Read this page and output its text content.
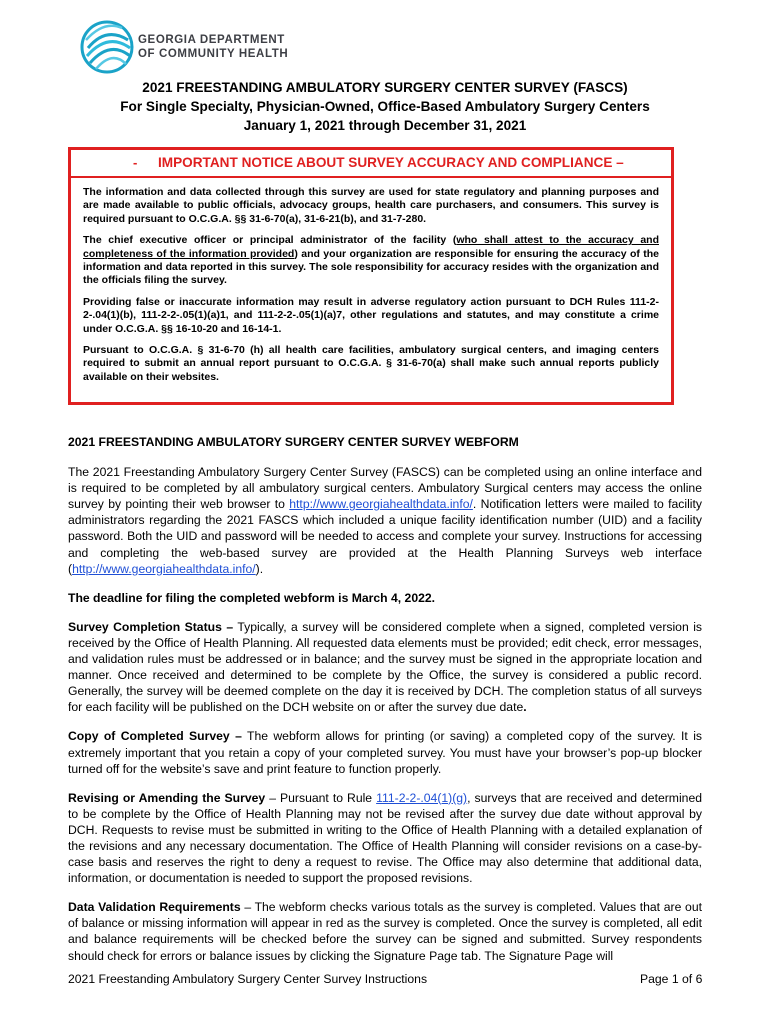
GEORGIA DEPARTMENT
OF COMMUNITY HEALTH
2021 FREESTANDING AMBULATORY SURGERY CENTER SURVEY (FASCS)
For Single Specialty, Physician-Owned, Office-Based Ambulatory Surgery Centers
January 1, 2021 through December 31, 2021
- IMPORTANT NOTICE ABOUT SURVEY ACCURACY AND COMPLIANCE –

The information and data collected through this survey are used for state regulatory and planning purposes and are made available to public officials, advocacy groups, health care purchasers, and consumers. This survey is required pursuant to O.C.G.A. §§ 31-6-70(a), 31-6-21(b), and 31-7-280.

The chief executive officer or principal administrator of the facility (who shall attest to the accuracy and completeness of the information provided) and your organization are responsible for ensuring the accuracy of the information and data reported in this survey. The sole responsibility for accuracy resides with the organization and the officials filing the survey.

Providing false or inaccurate information may result in adverse regulatory action pursuant to DCH Rules 111-2-2-.04(1)(b), 111-2-2-.05(1)(a)1, and 111-2-2-.05(1)(a)7, other regulations and statutes, and may constitute a crime under O.C.G.A. §§ 16-10-20 and 16-14-1.

Pursuant to O.C.G.A. § 31-6-70 (h) all health care facilities, ambulatory surgical centers, and imaging centers required to submit an annual report pursuant to O.C.G.A. § 31-6-70(a) shall make such annual reports publicly available on their websites.

2021 FREESTANDING AMBULATORY SURGERY CENTER SURVEY WEBFORM

The 2021 Freestanding Ambulatory Surgery Center Survey (FASCS) can be completed using an online interface and is required to be completed by all ambulatory surgical centers. Ambulatory Surgical centers may access the online survey by pointing their web browser to http://www.georgiahealthdata.info/. Notification letters were mailed to facility administrators regarding the 2021 FASCS which included a unique facility identification number (UID) and a facility password. Both the UID and password will be needed to access and complete your survey. Instructions for accessing and completing the web-based survey are provided at the Health Planning Surveys web interface (http://www.georgiahealthdata.info/).

The deadline for filing the completed webform is March 4, 2022.

Survey Completion Status – Typically, a survey will be considered complete when a signed, completed version is received by the Office of Health Planning. All requested data elements must be provided; edit check, error messages, and validation rules must be addressed or in balance; and the survey must be signed in the appropriate location and manner. Once received and determined to be complete by the Office, the survey is considered a public record. Generally, the survey will be deemed complete on the day it is received by DCH. The completion status of all surveys for each facility will be published on the DCH website on or after the survey due date.

Copy of Completed Survey – The webform allows for printing (or saving) a completed copy of the survey. It is extremely important that you retain a copy of your completed survey. You must have your browser’s pop-up blocker turned off for the website’s save and print feature to function properly.

Revising or Amending the Survey – Pursuant to Rule 111-2-2-.04(1)(g), surveys that are received and determined to be complete by the Office of Health Planning may not be revised after the survey due date without approval by DCH. Requests to revise must be submitted in writing to the Office of Health Planning with a detailed explanation of the revisions and any necessary documentation. The Office of Health Planning will consider revisions on a case-by-case basis and reserves the right to deny a request to revise. The Office may also determine that additional data, information, or documentation is needed to support the proposed revisions.

Data Validation Requirements – The webform checks various totals as the survey is completed. Values that are out of balance or missing information will appear in red as the survey is completed. Once the survey is completed, all edit and balance requirements will be checked before the survey can be signed and submitted. Survey respondents should check for errors or balance issues by clicking the Signature Page tab. The Signature Page will

2021 Freestanding Ambulatory Surgery Center Survey Instructions	Page 1 of 6
